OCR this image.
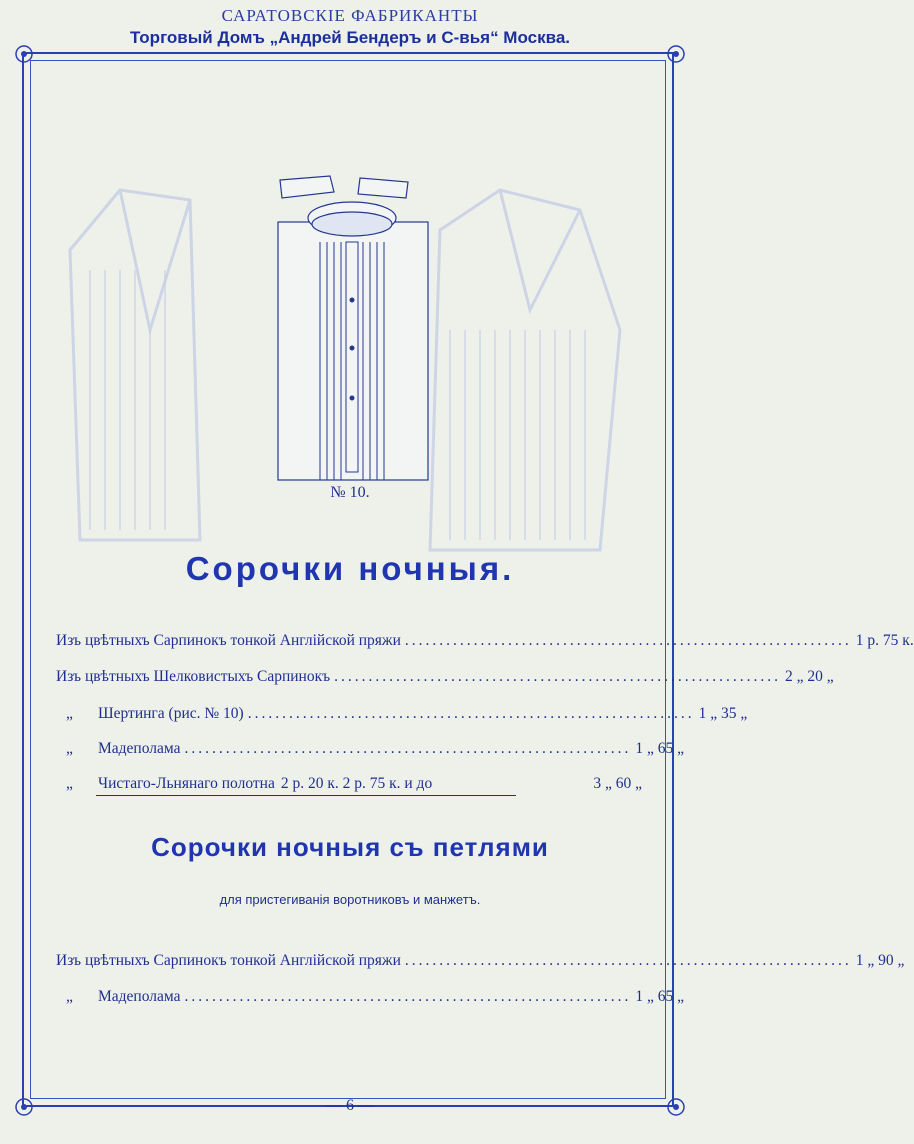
САРАТОВСКІЕ ФАБРИКАНТЫ
Торговый Домъ „Андрей Бендеръ и С-вья“ Москва.
№ 10.
Сорочки ночныя.
Изъ цвѣтныхъ Сарпинокъ тонкой Англійской пряжи ................................................................. 1 р. 75 к.
Изъ цвѣтныхъ Шелковистыхъ Сарпинокъ ................................................................. 2 „ 20 „
„	Шертинга (рис. № 10) ................................................................. 1 „ 35 „
„	Мадеполама ................................................................. 1 „ 65 „
„	Чистаго-Льнянаго полотна 2 р. 20 к. 2 р. 75 к. и до	3 „ 60 „
Сорочки ночныя съ петлями
для пристегиванія воротниковъ и манжетъ.
Изъ цвѣтныхъ Сарпинокъ тонкой Англійской пряжи ................................................................. 1 „ 90 „
„	Мадеполама ................................................................. 1 „ 65 „
— 6 —
